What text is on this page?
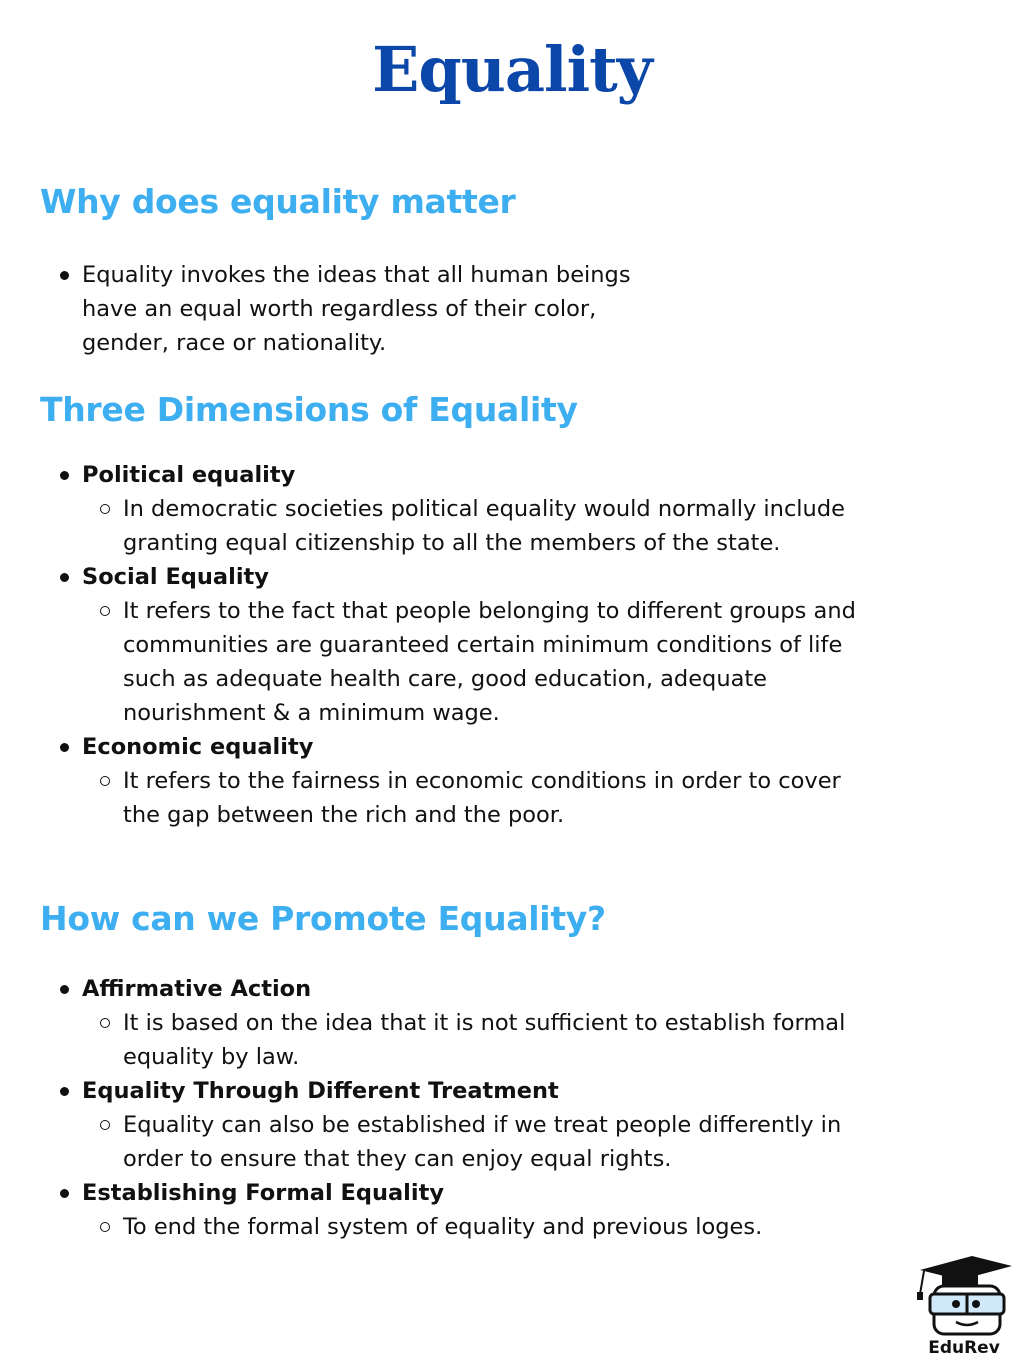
Equality
Why does equality matter
Equality invokes the ideas that all human beings have an equal worth regardless of their color, gender, race or nationality.
Three Dimensions of Equality
Political equality
In democratic societies political equality would normally include granting equal citizenship to all the members of the state.
Social Equality
It refers to the fact that people belonging to different groups and communities are guaranteed certain minimum conditions of life such as adequate health care, good education, adequate nourishment & a minimum wage.
Economic equality
It refers to the fairness in economic conditions in order to cover the gap between the rich and the poor.
How can we Promote Equality?
Affirmative Action
It is based on the idea that it is not sufficient to establish formal equality by law.
Equality Through Different Treatment
Equality can also be established if we treat people differently in order to ensure that they can enjoy equal rights.
Establishing Formal Equality
To end the formal system of equality and previous loges.
EduRev
